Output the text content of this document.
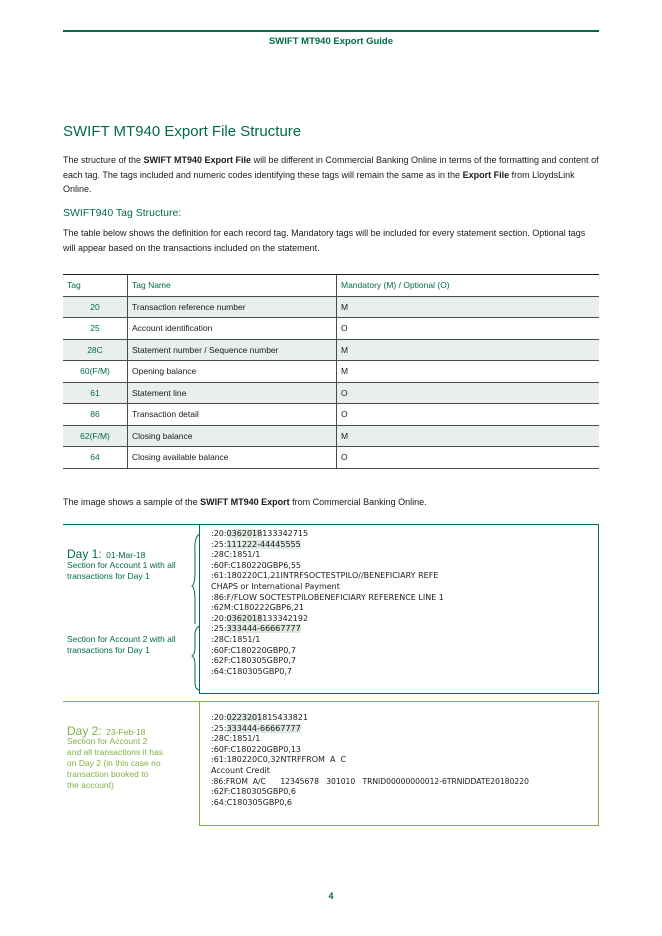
SWIFT MT940 Export Guide
SWIFT MT940 Export File Structure
The structure of the SWIFT MT940 Export File will be different in Commercial Banking Online in terms of the formatting and content of each tag. The tags included and numeric codes identifying these tags will remain the same as in the Export File from LloydsLink Online.
SWIFT940 Tag Structure:
The table below shows the definition for each record tag. Mandatory tags will be included for every statement section. Optional tags will appear based on the transactions included on the statement.
Tag	Tag Name	Mandatory (M) / Optional (O)
20	Transaction reference number	M
25	Account identification	O
28C	Statement number / Sequence number	M
60(F/M)	Opening balance	M
61	Statement line	O
86	Transaction detail	O
62(F/M)	Closing balance	M
64	Closing available balance	O
The image shows a sample of the SWIFT MT940 Export from Commercial Banking Online.
Day 1: 01-Mar-18
Section for Account 1 with all
transactions for Day 1
Section for Account 2 with all
transactions for Day 1
:20:0362018133342715
:25:111222-44445555
:28C:1851/1
:60F:C180220GBP6,55
:61:180220C1,21INTRFSOCTESTPILO//BENEFICIARY REFE
CHAPS or International Payment
:86:F/FLOW SOCTESTPILOBENEFICIARY REFERENCE LINE 1
:62M:C180222GBP6,21
:20:0362018133342192
:25:333444-66667777
:28C:1851/1
:60F:C180220GBP0,7
:62F:C180305GBP0,7
:64:C180305GBP0,7
Day 2: 23-Feb-18
Section for Account 2
and all transactions it has
on Day 2 (in this case no
transaction booked to
the account)
:20:0223201815433821
:25:333444-66667777
:28C:1851/1
:60F:C180220GBP0,13
:61:180220C0,32NTRFFROM  A  C
Account Credit
:86:FROM  A/C      12345678   301010   TRNID00000000012-6TRNIDDATE20180220
:62F:C180305GBP0,6
:64:C180305GBP0,6
4
